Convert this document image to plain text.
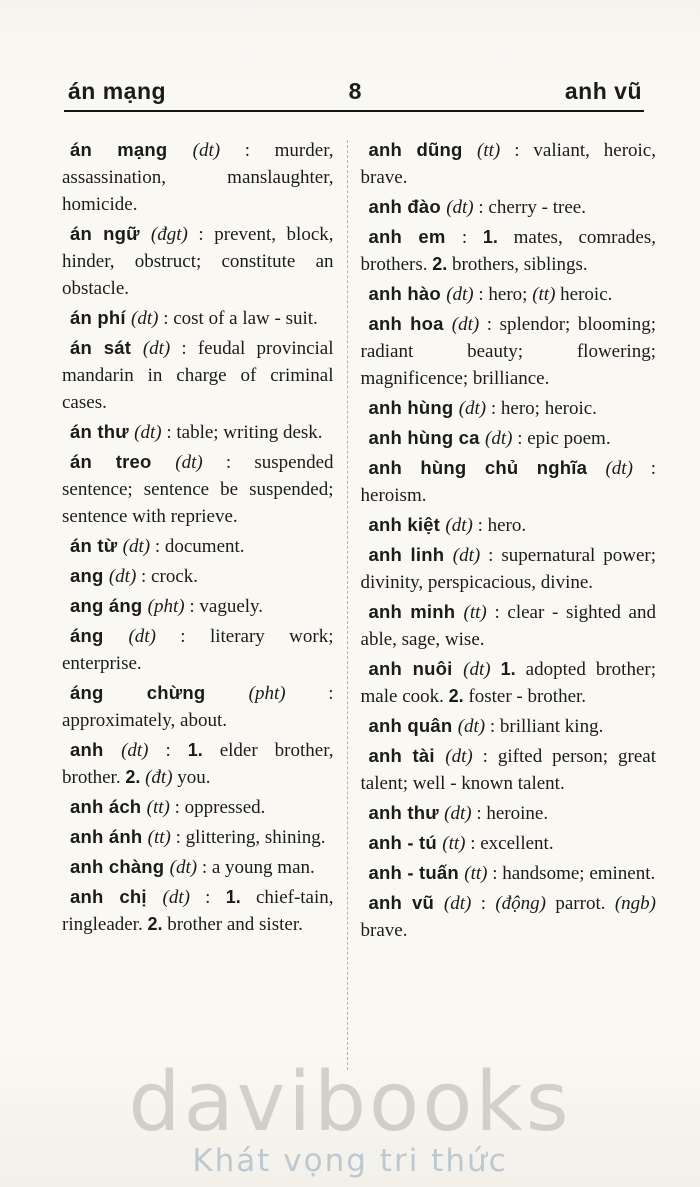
án mạng	8	anh vũ

án mạng (dt) : murder, assassination, manslaughter, homicide.

án ngữ (đgt) : prevent, block, hinder, obstruct; constitute an obstacle.

án phí (dt) : cost of a law - suit.

án sát (dt) : feudal provincial mandarin in charge of criminal cases.

án thư (dt) : table; writing desk.

án treo (dt) : suspended sentence; sentence be suspended; sentence with reprieve.

án từ (dt) : document.

ang (dt) : crock.

ang áng (pht) : vaguely.

áng (dt) : literary work; enterprise.

áng chừng (pht) : approximately, about.

anh (dt) : 1. elder brother, brother. 2. (đt) you.

anh ách (tt) : oppressed.

anh ánh (tt) : glittering, shining.

anh chàng (dt) : a young man.

anh chị (dt) : 1. chief-tain, ringleader. 2. brother and sister.

anh dũng (tt) : valiant, heroic, brave.

anh đào (dt) : cherry - tree.

anh em : 1. mates, comrades, brothers. 2. brothers, siblings.

anh hào (dt) : hero; (tt) heroic.

anh hoa (dt) : splendor; blooming; radiant beauty; flowering; magnificence; brilliance.

anh hùng (dt) : hero; heroic.

anh hùng ca (dt) : epic poem.

anh hùng chủ nghĩa (dt) : heroism.

anh kiệt (dt) : hero.

anh linh (dt) : supernatural power; divinity, perspicacious, divine.

anh minh (tt) : clear - sighted and able, sage, wise.

anh nuôi (dt) 1. adopted brother; male cook. 2. foster - brother.

anh quân (dt) : brilliant king.

anh tài (dt) : gifted person; great talent; well - known talent.

anh thư (dt) : heroine.

anh - tú (tt) : excellent.

anh - tuấn (tt) : handsome; eminent.

anh vũ (dt) : (động) parrot. (ngb) brave.

davibooks
Khát vọng tri thức
